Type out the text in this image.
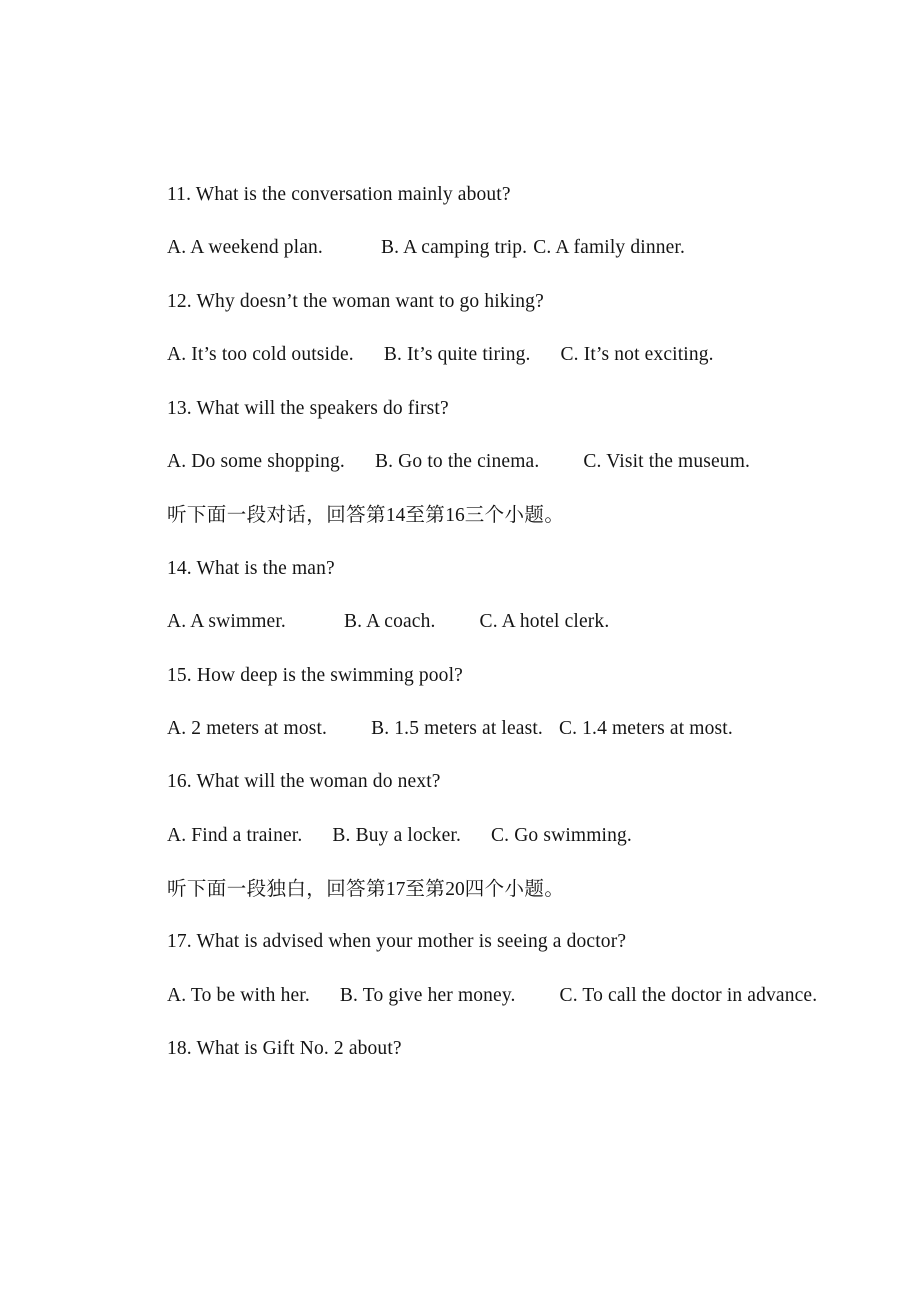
11. What is the conversation mainly about?
A. A weekend plan.	B. A camping trip. C. A family dinner.
12. Why doesn’t the woman want to go hiking?
A. It’s too cold outside. B. It’s quite tiring. C. It’s not exciting.
13. What will the speakers do first?
A. Do some shopping. B. Go to the cinema. C. Visit the museum.
听下面一段对话，回答第14至第16三个小题。
14. What is the man?
A. A swimmer.	B. A coach. C. A hotel clerk.
15. How deep is the swimming pool?
A. 2 meters at most. B. 1.5 meters at least. C. 1.4 meters at most.
16. What will the woman do next?
A. Find a trainer. B. Buy a locker. C. Go swimming.
听下面一段独白，回答第17至第20四个小题。
17. What is advised when your mother is seeing a doctor?
A. To be with her. B. To give her money. C. To call the doctor in advance.
18. What is Gift No. 2 about?
